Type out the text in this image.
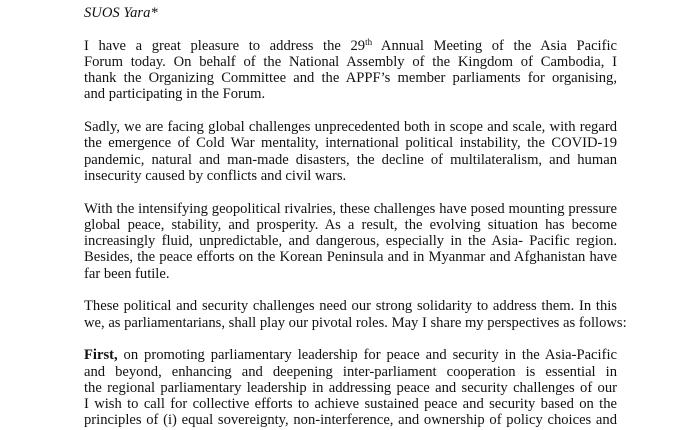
SUOS Yara*
I have a great pleasure to address the 29th Annual Meeting of the Asia Pacific
Forum today. On behalf of the National Assembly of the Kingdom of Cambodia, I
thank the Organizing Committee and the APPF’s member parliaments for organising,
and participating in the Forum.
Sadly, we are facing global challenges unprecedented both in scope and scale, with regard
the emergence of Cold War mentality, international political instability, the COVID-19
pandemic, natural and man-made disasters, the decline of multilateralism, and human
insecurity caused by conflicts and civil wars.
With the intensifying geopolitical rivalries, these challenges have posed mounting pressure
global peace, stability, and prosperity. As a result, the evolving situation has become
increasingly fluid, unpredictable, and dangerous, especially in the Asia- Pacific region.
Besides, the peace efforts on the Korean Peninsula and in Myanmar and Afghanistan have
far been futile.
These political and security challenges need our strong solidarity to address them. In this
we, as parliamentarians, shall play our pivotal roles. May I share my perspectives as follows:
First, on promoting parliamentary leadership for peace and security in the Asia-Pacific
and beyond, enhancing and deepening inter-parliament cooperation is essential in
the regional parliamentary leadership in addressing peace and security challenges of our
I wish to call for collective efforts to achieve sustained peace and security based on the
principles of (i) equal sovereignty, non-interference, and ownership of policy choices and
